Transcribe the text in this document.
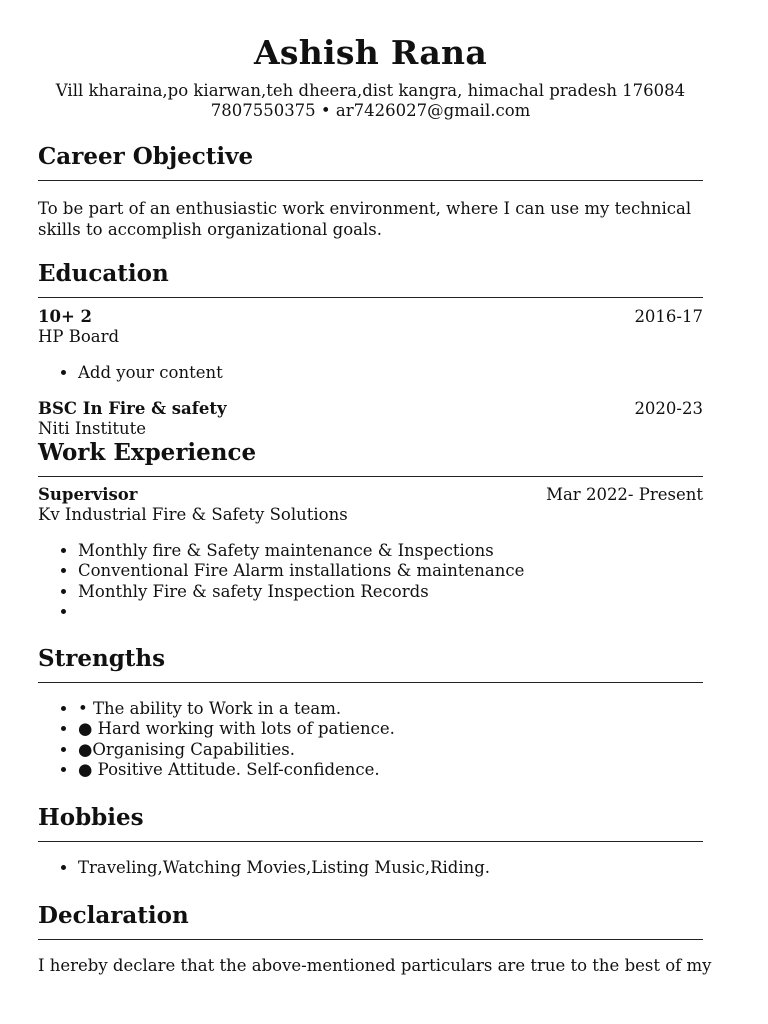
Ashish Rana
Vill kharaina,po kiarwan,teh dheera,dist kangra, himachal pradesh 176084
7807550375 • ar7426027@gmail.com
Career Objective

To be part of an enthusiastic work environment, where I can use my technical skills to accomplish organizational goals.

Education
10+ 2	2016-17
HP Board
• Add your content
BSC In Fire & safety	2020-23
Niti Institute
Work Experience
Supervisor	Mar 2022- Present
Kv Industrial Fire & Safety Solutions
• Monthly fire & Safety maintenance & Inspections
• Conventional Fire Alarm installations & maintenance
• Monthly Fire & safety Inspection Records
•
Strengths
• • The ability to Work in a team.
• ● Hard working with lots of patience.
• ●Organising Capabilities.
• ● Positive Attitude. Self-confidence.
Hobbies
• Traveling,Watching Movies,Listing Music,Riding.
Declaration

I hereby declare that the above-mentioned particulars are true to the best of my
